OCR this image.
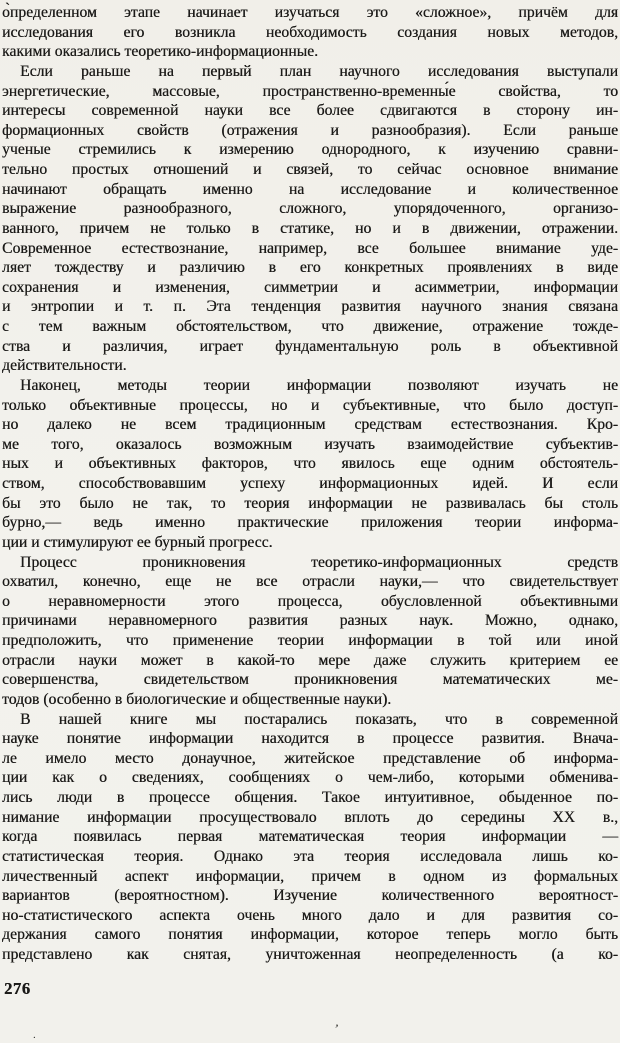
о̀пределенном этапе начинает изучаться это «сложное», причём для
исследования его возникла необходимость создания новых методов,
какими оказались теоретико-информационные.
Если раньше на первый план научного исследования выступали
энергетические, массовые, пространственно-временны́е свойства, то
интересы современной науки все более сдвигаются в сторону ин-
формационных свойств (отражения и разнообразия). Если раньше
ученые стремились к измерению однородного, к изучению сравни-
тельно простых отношений и связей, то сейчас основное внимание
начинают обращать именно на исследование и количественное
выражение разнообразного, сложного, упорядоченного, организо-
ванного, причем не только в статике, но и в движении, отражении.
Современное естествознание, например, все большее внимание уде-
ляет тождеству и различию в его конкретных проявлениях в виде
сохранения и изменения, симметрии и асимметрии, информации
и энтропии и т. п. Эта тенденция развития научного знания связана
с тем важным обстоятельством, что движение, отражение тожде-
ства и различия, играет фундаментальную роль в объективной
действительности.
Наконец, методы теории информации позволяют изучать не
только объективные процессы, но и субъективные, что было доступ-
но далеко не всем традиционным средствам естествознания. Кро-
ме того, оказалось возможным изучать взаимодействие субъектив-
ных и объективных факторов, что явилось еще одним обстоятель-
ством, способствовавшим успеху информационных идей. И если
бы это было не так, то теория информации не развивалась бы столь
бурно,— ведь именно практические приложения теории информа-
ции и стимулируют ее бурный прогресс.
Процесс проникновения теоретико-информационных средств
охватил, конечно, еще не все отрасли науки,— что свидетельствует
о неравномерности этого процесса, обусловленной объективными
причинами неравномерного развития разных наук. Можно, однако,
предположить, что применение теории информации в той или иной
отрасли науки может в какой-то мере даже служить критерием ее
совершенства, свидетельством проникновения математических ме-
тодов (особенно в биологические и общественные науки).
В нашей книге мы постарались показать, что в современной
науке понятие информации находится в процессе развития. Внача-
ле имело место донаучное, житейское представление об информа-
ции как о сведениях, сообщениях о чем-либо, которыми обменива-
лись люди в процессе общения. Такое интуитивное, обыденное по-
нимание информации просуществовало вплоть до середины XX в.,
когда появилась первая математическая теория информации —
статистическая теория. Однако эта теория исследовала лишь ко-
личественный аспект информации, причем в одном из формальных
вариантов (вероятностном). Изучение количественного вероятност-
но-статистического аспекта очень много дало и для развития со-
держания самого понятия информации, которое теперь могло быть
представлено как снятая, уничтоженная неопределенность (а ко-
276
’
.
